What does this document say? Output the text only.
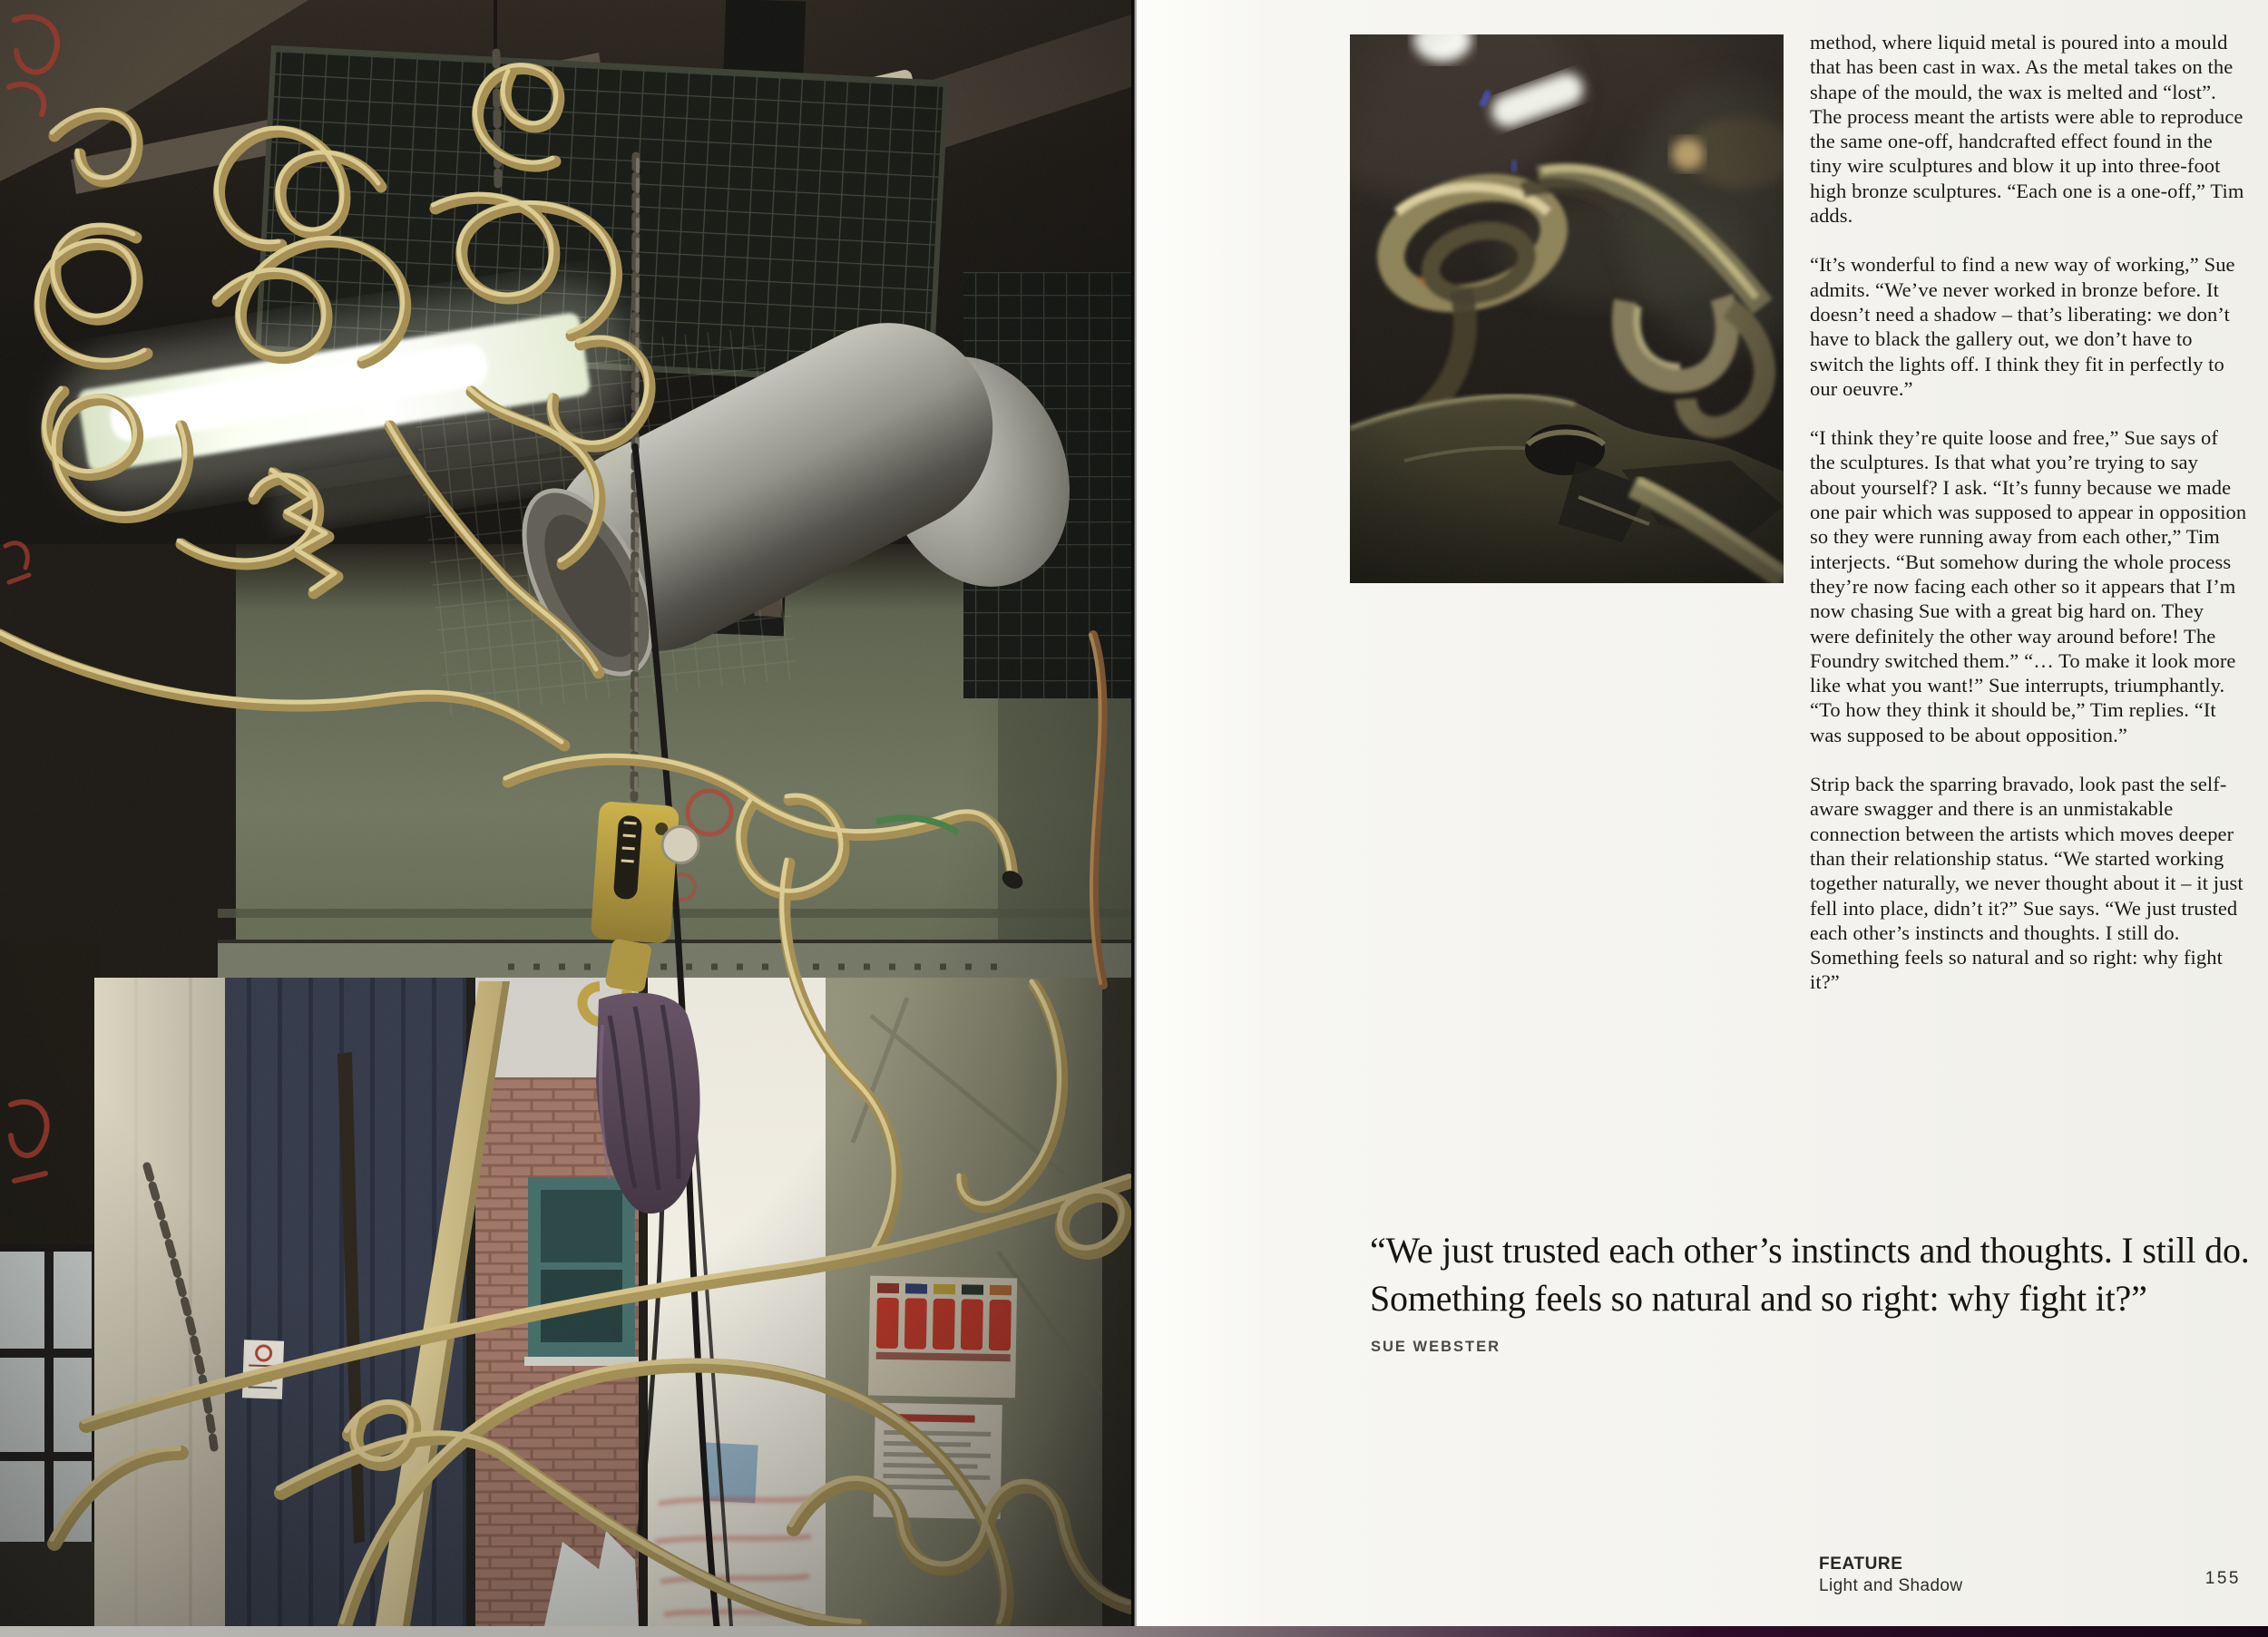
method, where liquid metal is poured into a mould that has been cast in wax. As the metal takes on the shape of the mould, the wax is melted and “lost”. The process meant the artists were able to reproduce the same one-off, handcrafted effect found in the tiny wire sculptures and blow it up into three-foot high bronze sculptures. “Each one is a one-off,” Tim adds.

“It’s wonderful to find a new way of working,” Sue admits. “We’ve never worked in bronze before. It doesn’t need a shadow – that’s liberating: we don’t have to black the gallery out, we don’t have to switch the lights off. I think they fit in perfectly to our oeuvre.”

“I think they’re quite loose and free,” Sue says of the sculptures. Is that what you’re trying to say about yourself? I ask. “It’s funny because we made one pair which was supposed to appear in opposition so they were running away from each other,” Tim interjects. “But somehow during the whole process they’re now facing each other so it appears that I’m now chasing Sue with a great big hard on. They were definitely the other way around before! The Foundry switched them.” “… To make it look more like what you want!” Sue interrupts, triumphantly. “To how they think it should be,” Tim replies. “It was supposed to be about opposition.”

Strip back the sparring bravado, look past the self-aware swagger and there is an unmistakable connection between the artists which moves deeper than their relationship status. “We started working together naturally, we never thought about it – it just fell into place, didn’t it?” Sue says. “We just trusted each other’s instincts and thoughts. I still do. Something feels so natural and so right: why fight it?”

“We just trusted each other’s instincts and thoughts. I still do.
Something feels so natural and so right: why fight it?”
SUE WEBSTER
FEATURE
Light and Shadow	155
